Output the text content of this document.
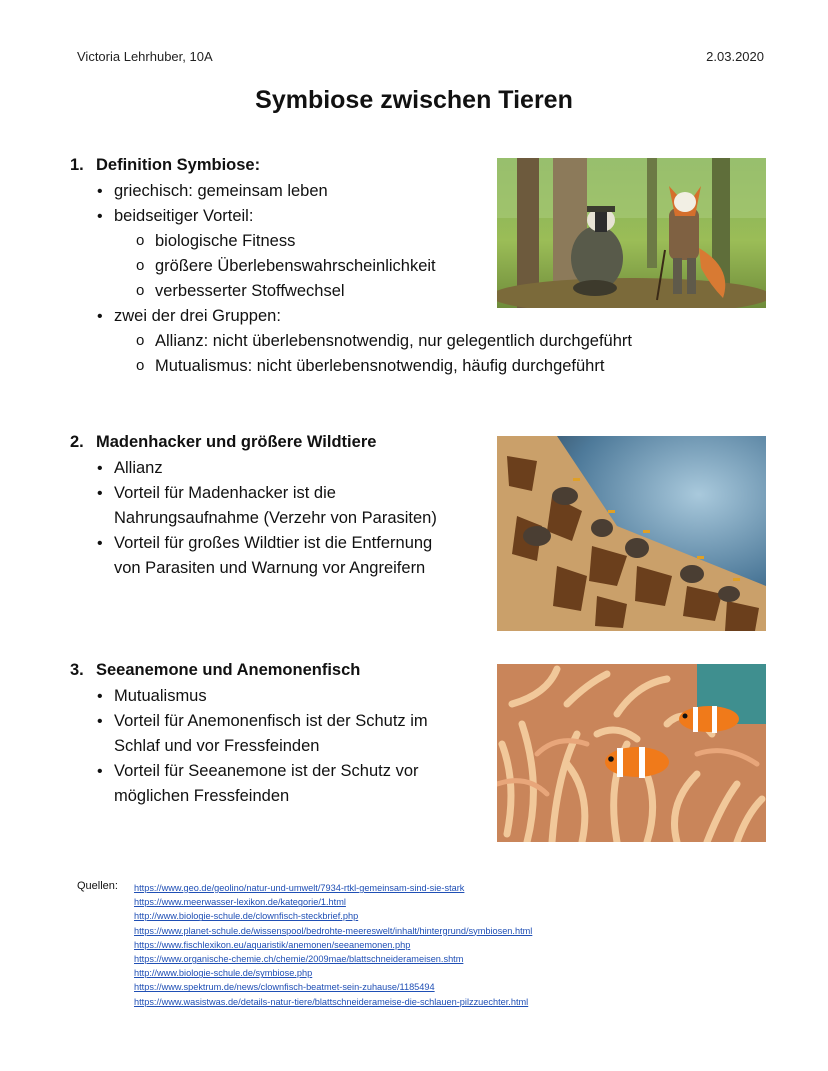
Victoria Lehrhuber, 10A	2.03.2020
Symbiose zwischen Tieren
1. Definition Symbiose:
• griechisch: gemeinsam leben
• beidseitiger Vorteil:
o biologische Fitness
o größere Überlebenswahrscheinlichkeit
o verbesserter Stoffwechsel
• zwei der drei Gruppen:
o Allianz: nicht überlebensnotwendig, nur gelegentlich durchgeführt
o Mutualismus: nicht überlebensnotwendig, häufig durchgeführt
2. Madenhacker und größere Wildtiere
• Allianz
• Vorteil für Madenhacker ist die
Nahrungsaufnahme (Verzehr von Parasiten)
• Vorteil für großes Wildtier ist die Entfernung
von Parasiten und Warnung vor Angreifern
3. Seeanemone und Anemonenfisch
• Mutualismus
• Vorteil für Anemonenfisch ist der Schutz im
Schlaf und vor Fressfeinden
• Vorteil für Seeanemone ist der Schutz vor
möglichen Fressfeinden
Quellen: https://www.geo.de/geolino/natur-und-umwelt/7934-rtkl-gemeinsam-sind-sie-stark
https://www.meerwasser-lexikon.de/kategorie/1.html
http://www.biologie-schule.de/clownfisch-steckbrief.php
https://www.planet-schule.de/wissenspool/bedrohte-meereswelt/inhalt/hintergrund/symbiosen.html
https://www.fischlexikon.eu/aquaristik/anemonen/seeanemonen.php
https://www.organische-chemie.ch/chemie/2009mae/blattschneiderameisen.shtm
http://www.biologie-schule.de/symbiose.php
https://www.spektrum.de/news/clownfisch-beatmet-sein-zuhause/1185494
https://www.wasistwas.de/details-natur-tiere/blattschneiderameise-die-schlauen-pilzzuechter.html
